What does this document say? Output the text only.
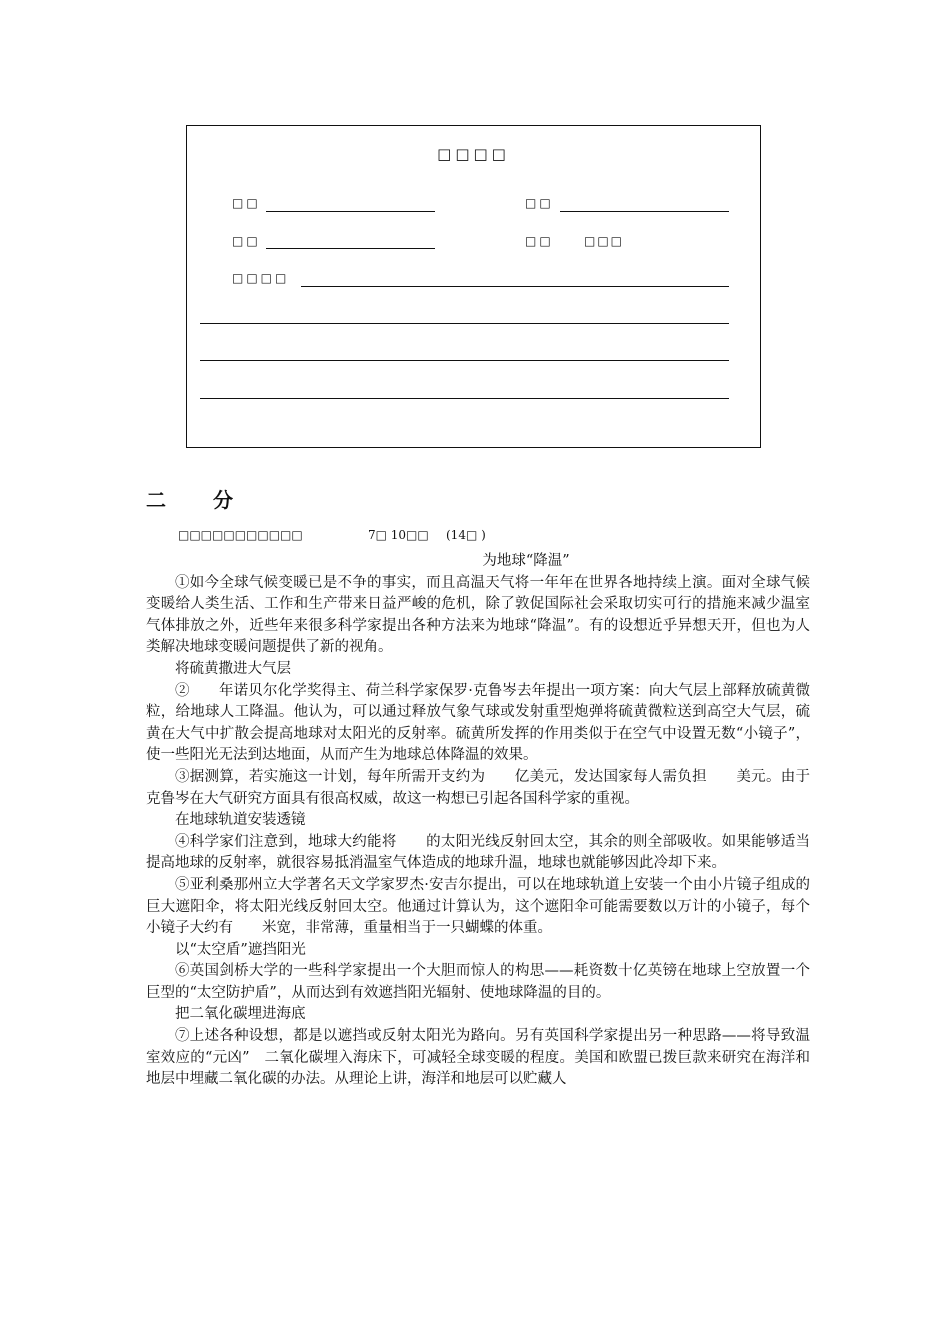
□□□□
□□	□□
□□	□□	□□□
□□□□
二 分
□□□□□□□□□□□	7□ 10□□ (14□ )
为地球“降温”

①如今全球气候变暖已是不争的事实，而且高温天气将一年年在世界各地持续上演。面对全球气候变暖给人类生活、工作和生产带来日益严峻的危机，除了敦促国际社会采取切实可行的措施来减少温室气体排放之外，近些年来很多科学家提出各种方法来为地球“降温”。有的设想近乎异想天开，但也为人类解决地球变暖问题提供了新的视角。

将硫黄撒进大气层

②　　年诺贝尔化学奖得主、荷兰科学家保罗·克鲁岑去年提出一项方案：向大气层上部释放硫黄微粒，给地球人工降温。他认为，可以通过释放气象气球或发射重型炮弹将硫黄微粒送到高空大气层，硫黄在大气中扩散会提高地球对太阳光的反射率。硫黄所发挥的作用类似于在空气中设置无数“小镜子”，使一些阳光无法到达地面，从而产生为地球总体降温的效果。

③据测算，若实施这一计划，每年所需开支约为　　亿美元，发达国家每人需负担　　美元。由于克鲁岑在大气研究方面具有很高权威，故这一构想已引起各国科学家的重视。

在地球轨道安装透镜

④科学家们注意到，地球大约能将　　的太阳光线反射回太空，其余的则全部吸收。如果能够适当提高地球的反射率，就很容易抵消温室气体造成的地球升温，地球也就能够因此冷却下来。

⑤亚利桑那州立大学著名天文学家罗杰·安吉尔提出，可以在地球轨道上安装一个由小片镜子组成的巨大遮阳伞，将太阳光线反射回太空。他通过计算认为，这个遮阳伞可能需要数以万计的小镜子，每个小镜子大约有　　米宽，非常薄，重量相当于一只蝴蝶的体重。

以“太空盾”遮挡阳光

⑥英国剑桥大学的一些科学家提出一个大胆而惊人的构思——耗资数十亿英镑在地球上空放置一个巨型的“太空防护盾”，从而达到有效遮挡阳光辐射、使地球降温的目的。

把二氧化碳埋进海底

⑦上述各种设想，都是以遮挡或反射太阳光为路向。另有英国科学家提出另一种思路——将导致温室效应的“元凶”　二氧化碳埋入海床下，可减轻全球变暖的程度。美国和欧盟已拨巨款来研究在海洋和地层中埋藏二氧化碳的办法。从理论上讲，海洋和地层可以贮藏人
